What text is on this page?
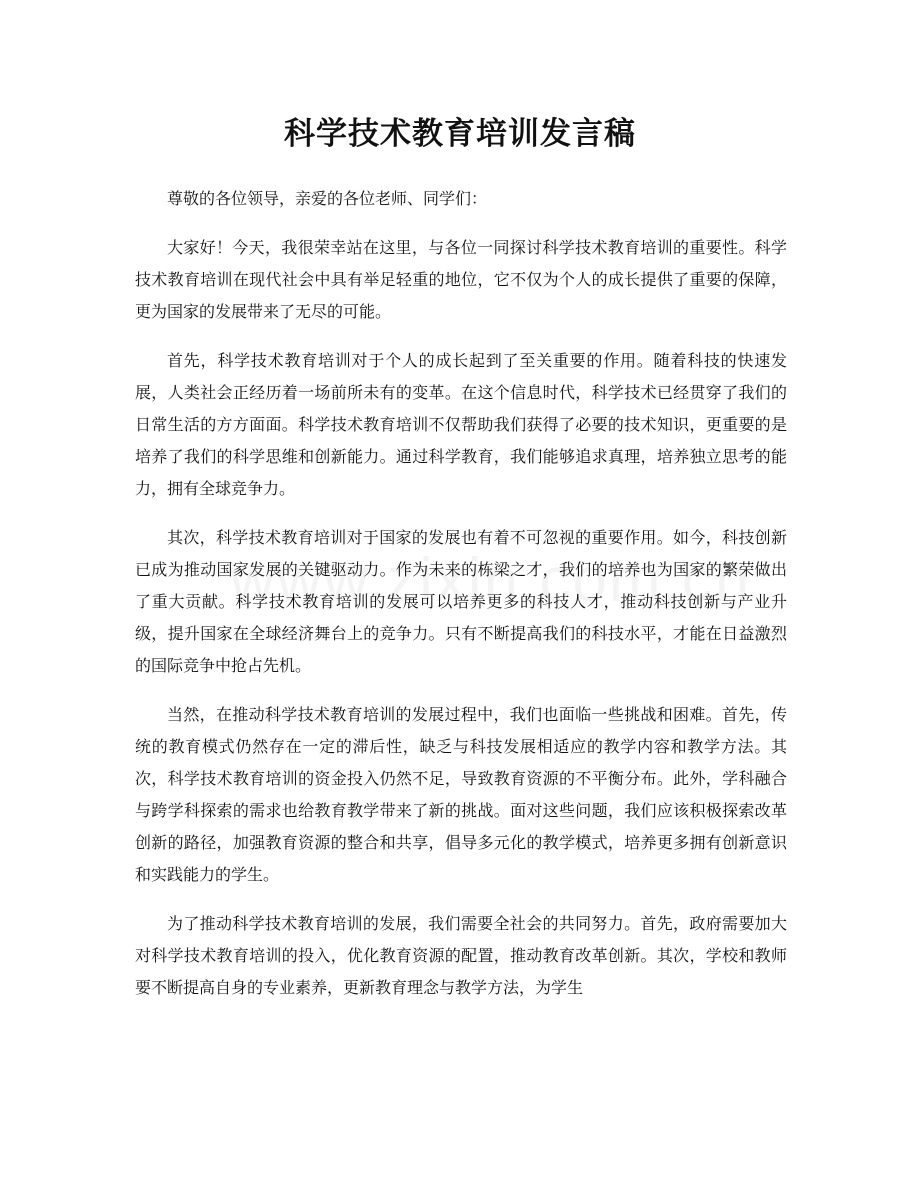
科学技术教育培训发言稿

尊敬的各位领导，亲爱的各位老师、同学们：

大家好！今天，我很荣幸站在这里，与各位一同探讨科学技术教育培训的重要性。科学技术教育培训在现代社会中具有举足轻重的地位，它不仅为个人的成长提供了重要的保障，更为国家的发展带来了无尽的可能。

首先，科学技术教育培训对于个人的成长起到了至关重要的作用。随着科技的快速发展，人类社会正经历着一场前所未有的变革。在这个信息时代，科学技术已经贯穿了我们的日常生活的方方面面。科学技术教育培训不仅帮助我们获得了必要的技术知识，更重要的是培养了我们的科学思维和创新能力。通过科学教育，我们能够追求真理，培养独立思考的能力，拥有全球竞争力。

其次，科学技术教育培训对于国家的发展也有着不可忽视的重要作用。如今，科技创新已成为推动国家发展的关键驱动力。作为未来的栋梁之才，我们的培养也为国家的繁荣做出了重大贡献。科学技术教育培训的发展可以培养更多的科技人才，推动科技创新与产业升级，提升国家在全球经济舞台上的竞争力。只有不断提高我们的科技水平，才能在日益激烈的国际竞争中抢占先机。

当然，在推动科学技术教育培训的发展过程中，我们也面临一些挑战和困难。首先，传统的教育模式仍然存在一定的滞后性，缺乏与科技发展相适应的教学内容和教学方法。其次，科学技术教育培训的资金投入仍然不足，导致教育资源的不平衡分布。此外，学科融合与跨学科探索的需求也给教育教学带来了新的挑战。面对这些问题，我们应该积极探索改革创新的路径，加强教育资源的整合和共享，倡导多元化的教学模式，培养更多拥有创新意识和实践能力的学生。

为了推动科学技术教育培训的发展，我们需要全社会的共同努力。首先，政府需要加大对科学技术教育培训的投入，优化教育资源的配置，推动教育改革创新。其次，学校和教师要不断提高自身的专业素养，更新教育理念与教学方法，为学生
